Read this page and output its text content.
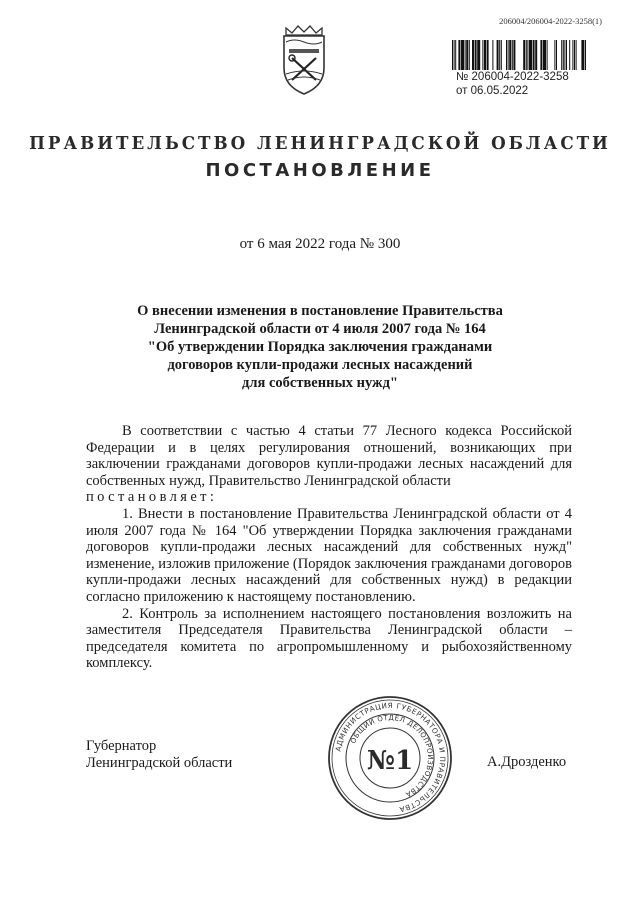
206004/206004-2022-3258(1)
№ 206004-2022-3258
от 06.05.2022
ПРАВИТЕЛЬСТВО ЛЕНИНГРАДСКОЙ ОБЛАСТИ
ПОСТАНОВЛЕНИЕ
от 6 мая 2022 года № 300
О внесении изменения в постановление Правительства
Ленинградской области от 4 июля 2007 года № 164
"Об утверждении Порядка заключения гражданами
договоров купли-продажи лесных насаждений
для собственных нужд"

В соответствии с частью 4 статьи 77 Лесного кодекса Российской Федерации и в целях регулирования отношений, возникающих при заключении гражданами договоров купли-продажи лесных насаждений для собственных нужд, Правительство Ленинградской области

постановляет:

1. Внести в постановление Правительства Ленинградской области от 4 июля 2007 года № 164 "Об утверждении Порядка заключения гражданами договоров купли-продажи лесных насаждений для собственных нужд" изменение, изложив приложение (Порядок заключения гражданами договоров купли-продажи лесных насаждений для собственных нужд) в редакции согласно приложению к настоящему постановлению.

2. Контроль за исполнением настоящего постановления возложить на заместителя Председателя Правительства Ленинградской области – председателя комитета по агропромышленному и рыбохозяйственному комплексу.

Губернатор
Ленинградской области	А.Дрозденко
АДМИНИСТРАЦИЯ ГУБЕРНАТОРА И ПРАВИТЕЛЬСТВА
ОБЩИЙ ОТДЕЛ ДЕЛОПРОИЗВОДСТВА
№1
